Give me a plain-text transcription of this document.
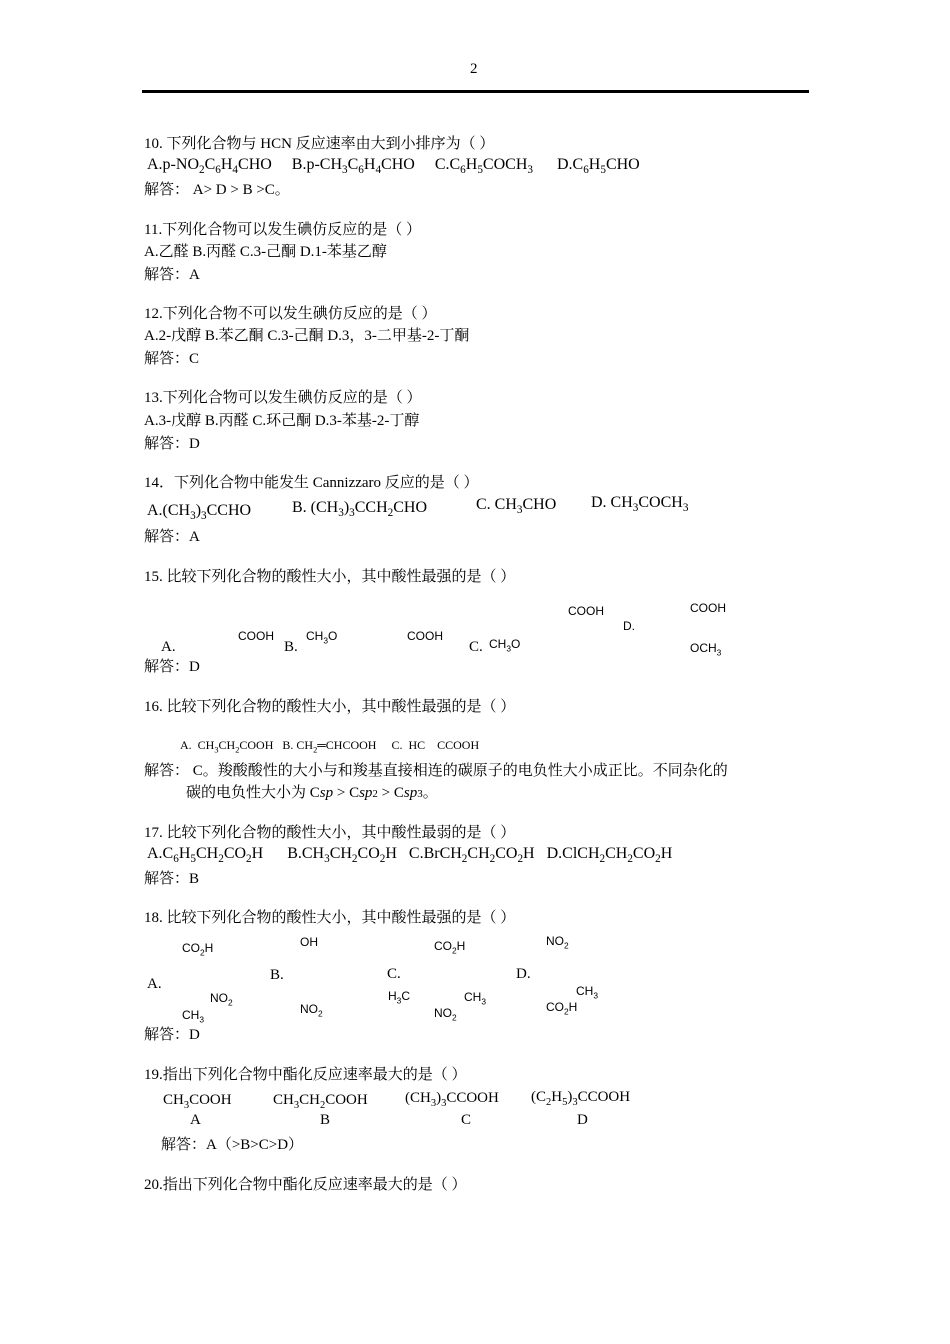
2
10. 下列化合物与 HCN 反应速率由大到小排序为（ ）
$A.p-NO_2C_6H_4CHO$     $B.p-CH_3C_6H_4CHO$     $C.C_6H_5COCH_3$      $D.C_6H_5CHO$
解答： A> D > B >C。
11.下列化合物可以发生碘仿反应的是（ ）
A.乙醛 B.丙醛 C.3-己酮 D.1-苯基乙醇
解答：A
12.下列化合物不可以发生碘仿反应的是（ ）
A.2-戊醇 B.苯乙酮 C.3-己酮 D.3，3-二甲基-2-丁酮
解答：C
13.下列化合物可以发生碘仿反应的是（ ）
A.3-戊醇 B.丙醛 C.环己酮 D.3-苯基-2-丁醇
解答：D
14．下列化合物中能发生 Cannizzaro 反应的是（ ）
$A.(CH_3)_3CCHO$	B. $(CH_3)_3CCH_2CHO$	C. $CH_3CHO$ D. $CH_3COCH_3$
解答：A
15. 比较下列化合物的酸性大小，其中酸性最强的是（ ）
COOH	COOH
D.
COOH	$CH_3O$	COOH
A.	B.	C. $CH_3O$	$OCH_3$
解答：D
16. 比较下列化合物的酸性大小，其中酸性最强的是（ ）
A.  $CH_3CH_2COOH$   B. $CH_2═CHCOOH$     C.  HC    CCOOH
解答： C。羧酸酸性的大小与和羧基直接相连的碳原子的电负性大小成正比。不同杂化的
碳的电负性大小为 Csp > Csp2 > Csp3。
17. 比较下列化合物的酸性大小，其中酸性最弱的是（ ）
$A.C_6H_5CH_2CO_2H$      $B.CH_3CH_2CO_2H$   $C.BrCH_2CH_2CO_2H$   $D.ClCH_2CH_2CO_2H$
解答：B
18. 比较下列化合物的酸性大小，其中酸性最强的是（ ）
OH	$NO_2$
$CO_2H$	$CO_2H$
B.	C.	D.
A.	$CH_3$
$NO_2$	$H_3C$	$CH_3$
$NO_2$	$CO_2H$
$NO_2$
$CH_3$
解答：D
19.指出下列化合物中酯化反应速率最大的是（ ）
$CH_3COOH$	$CH_3CH_2COOH$ $(CH_3)_3CCOOH$ $(C_2H_5)_3CCOOH$
A	B	C	D
解答：A（>B>C>D）
20.指出下列化合物中酯化反应速率最大的是（ ）
